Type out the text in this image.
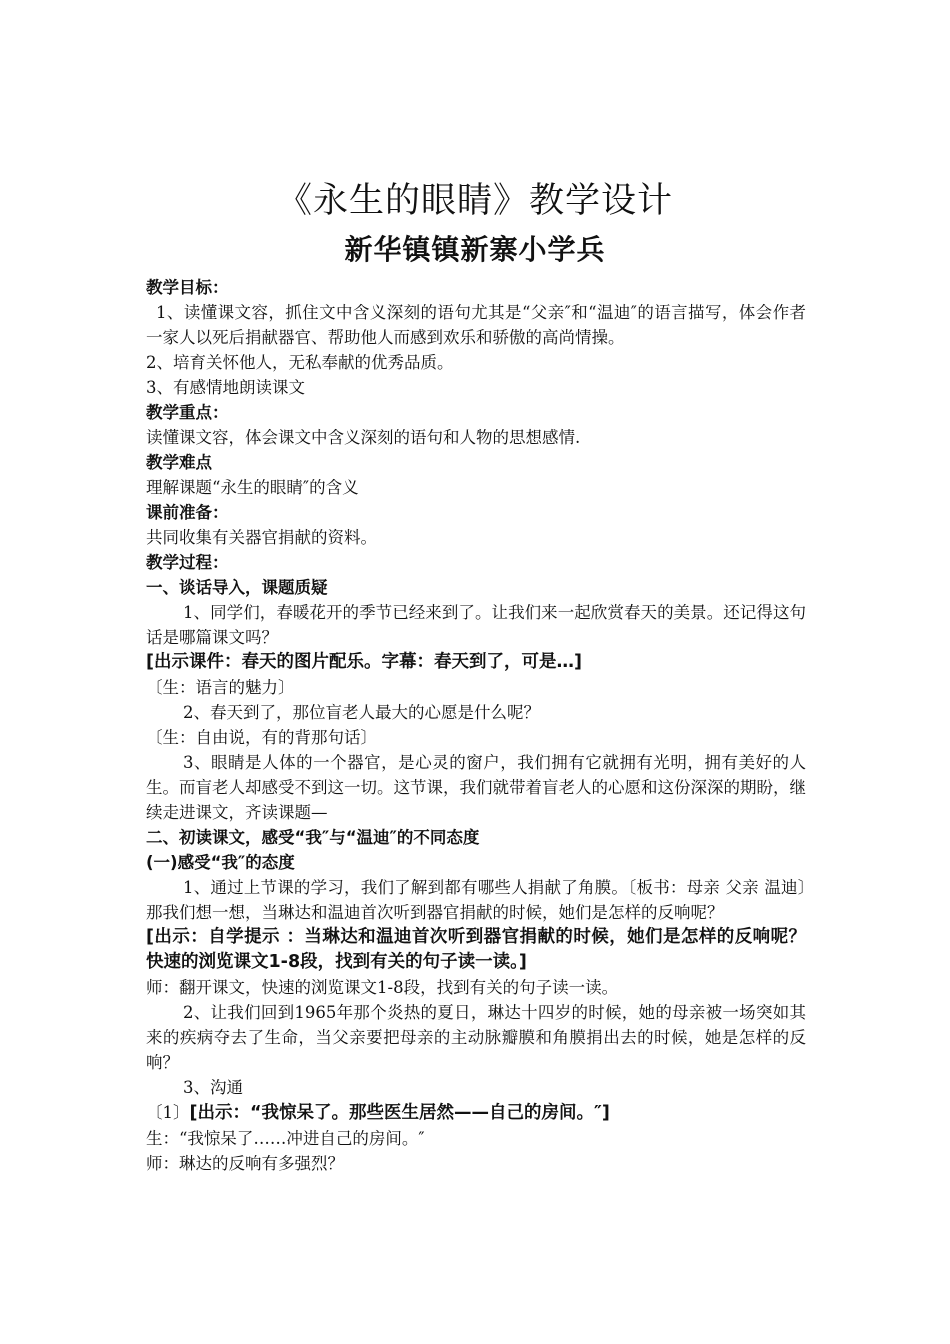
《永生的眼睛》教学设计
新华镇镇新寨小学兵

教学目标：

1、读懂课文容，抓住文中含义深刻的语句尤其是“父亲″和“温迪″的语言描写，体会作者一家人以死后捐献器官、帮助他人而感到欢乐和骄傲的高尚情操。

2、培育关怀他人，无私奉献的优秀品质。

3、有感情地朗读课文

教学重点：

读懂课文容，体会课文中含义深刻的语句和人物的思想感情.

教学难点

理解课题“永生的眼睛″的含义

课前准备：

共同收集有关器官捐献的资料。

教学过程：

一、谈话导入，课题质疑

1、同学们，春暖花开的季节已经来到了。让我们来一起欣赏春天的美景。还记得这句话是哪篇课文吗？

[出示课件：春天的图片配乐。字幕：春天到了，可是…]

〔生：语言的魅力〕

2、春天到了，那位盲老人最大的心愿是什么呢？

〔生：自由说，有的背那句话〕

3、眼睛是人体的一个器官，是心灵的窗户，我们拥有它就拥有光明，拥有美好的人生。而盲老人却感受不到这一切。这节课，我们就带着盲老人的心愿和这份深深的期盼，继续走进课文，齐读课题—

二、初读课文，感受“我″与“温迪″的不同态度

(一)感受“我″的态度

1、通过上节课的学习，我们了解到都有哪些人捐献了角膜。〔板书：母亲 父亲 温迪〕那我们想一想，当琳达和温迪首次听到器官捐献的时候，她们是怎样的反响呢？

[出示：自学提示 ：当琳达和温迪首次听到器官捐献的时候，她们是怎样的反响呢？快速的浏览课文1-8段，找到有关的句子读一读。]

师：翻开课文，快速的浏览课文1-8段，找到有关的句子读一读。

2、让我们回到1965年那个炎热的夏日，琳达十四岁的时候，她的母亲被一场突如其来的疾病夺去了生命，当父亲要把母亲的主动脉瓣膜和角膜捐出去的时候，她是怎样的反响？

3、沟通

〔1〕[出示：“我惊呆了。那些医生居然——自己的房间。″]

生：“我惊呆了……冲进自己的房间。″

师：琳达的反响有多强烈？
